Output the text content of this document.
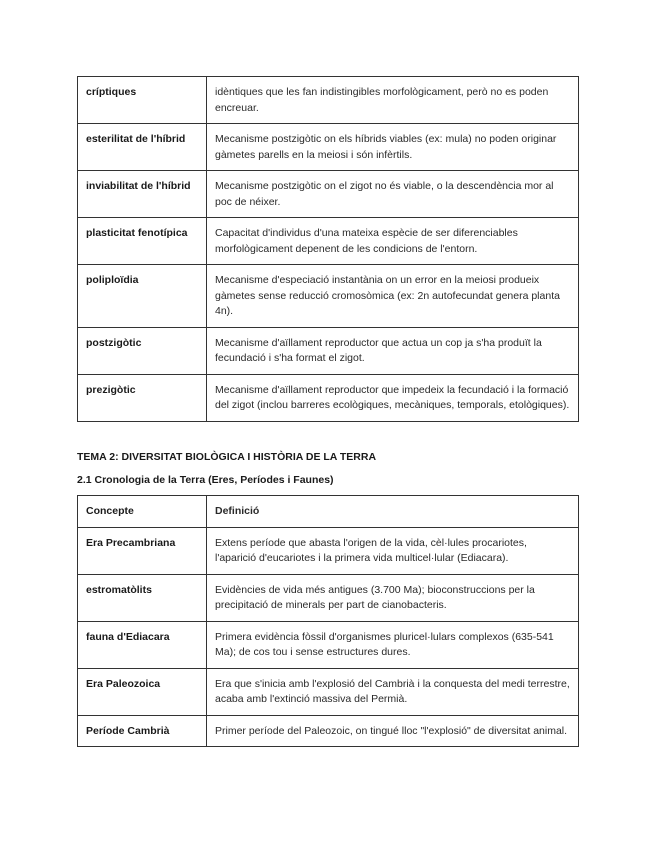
críptiques	idèntiques que les fan indistingibles morfològicament, però no es poden encreuar.
esterilitat de l'híbrid	Mecanisme postzigòtic on els híbrids viables (ex: mula) no poden originar gàmetes parells en la meiosi i són infèrtils.
inviabilitat de l'híbrid	Mecanisme postzigòtic on el zigot no és viable, o la descendència mor al poc de néixer.
plasticitat fenotípica	Capacitat d'individus d'una mateixa espècie de ser diferenciables morfològicament depenent de les condicions de l'entorn.
poliploïdia	Mecanisme d'especiació instantània on un error en la meiosi produeix gàmetes sense reducció cromosòmica (ex: 2n autofecundat genera planta 4n).
postzigòtic	Mecanisme d'aïllament reproductor que actua un cop ja s'ha produït la fecundació i s'ha format el zigot.
prezigòtic	Mecanisme d'aïllament reproductor que impedeix la fecundació i la formació del zigot (inclou barreres ecològiques, mecàniques, temporals, etològiques).

TEMA 2: DIVERSITAT BIOLÒGICA I HISTÒRIA DE LA TERRA

2.1 Cronologia de la Terra (Eres, Períodes i Faunes)

Concepte	Definició
Era Precambriana	Extens període que abasta l'origen de la vida, cèl·lules procariotes, l'aparició d'eucariotes i la primera vida multicel·lular (Ediacara).
estromatòlits	Evidències de vida més antigues (3.700 Ma); bioconstruccions per la precipitació de minerals per part de cianobacteris.
fauna d'Ediacara	Primera evidència fòssil d'organismes pluricel·lulars complexos (635-541 Ma); de cos tou i sense estructures dures.
Era Paleozoica	Era que s'inicia amb l'explosió del Cambrià i la conquesta del medi terrestre, acaba amb l'extinció massiva del Permià.
Període Cambrià	Primer període del Paleozoic, on tingué lloc "l'explosió" de diversitat animal.
